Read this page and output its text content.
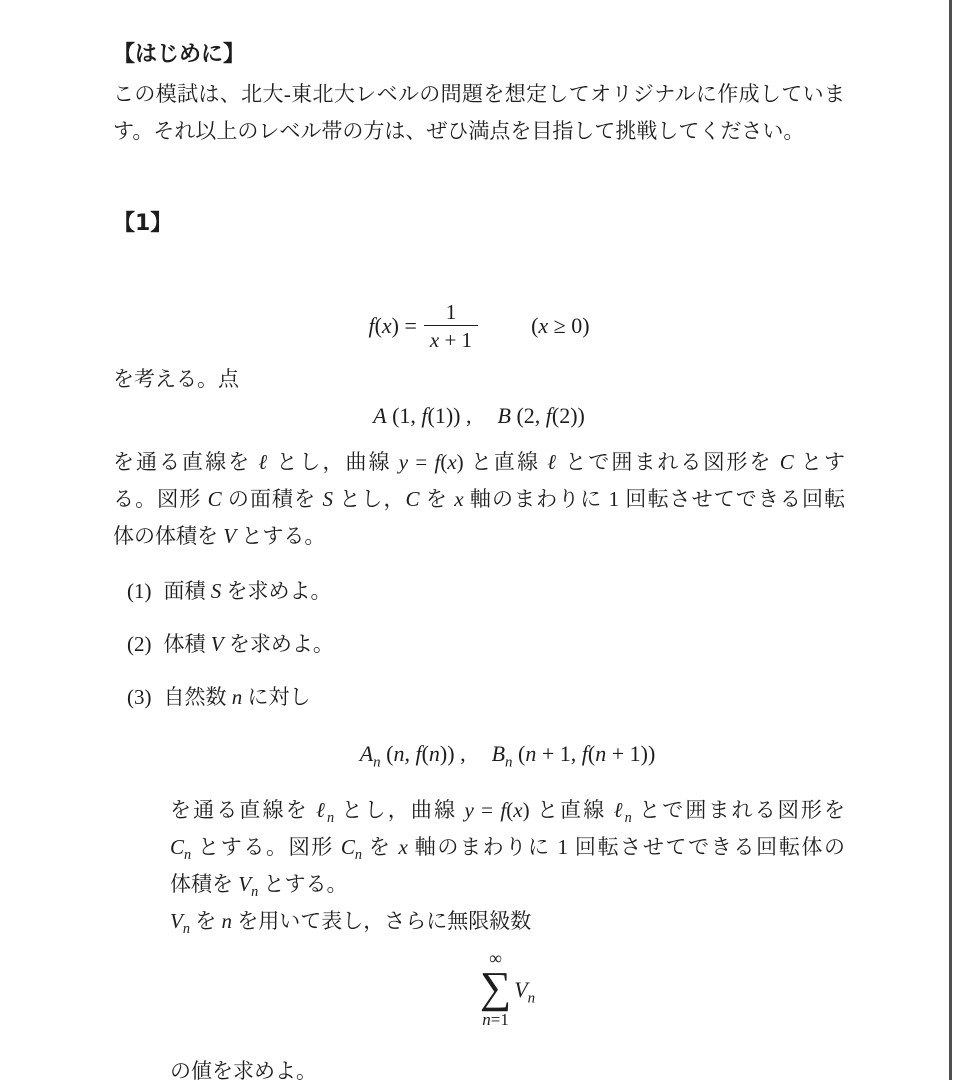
【はじめに】
この模試は、北大-東北大レベルの問題を想定してオリジナルに作成していま
す。それ以上のレベル帯の方は、ぜひ満点を目指して挑戦してください。
【1】
$f(x) = \frac{1}{x + 1} (x \ge 0)$
を考える。点
A (1, f(1)) , B (2, f(2))
を通る直線を ℓ とし，曲線 y = f(x) と直線 ℓ とで囲まれる図形を C とす
る。図形 C の面積を S とし，C を x 軸のまわりに 1 回転させてできる回転
体の体積を V とする。
(1) 面積 S を求めよ。
(2) 体積 V を求めよ。
(3) 自然数 n に対し
$A_n$ (n, f(n)) , $B_n$ (n + 1, f(n + 1))
を通る直線を ℓ$_n$ とし，曲線 y = f(x) と直線 ℓ$_n$ とで囲まれる図形を
$C_n$ とする。図形 $C_n$ を x 軸のまわりに 1 回転させてできる回転体の
体積を $V_n$ とする。
$V_n$ を n を用いて表し，さらに無限級数
∞
∑
n=1
$V_n$
の値を求めよ。
